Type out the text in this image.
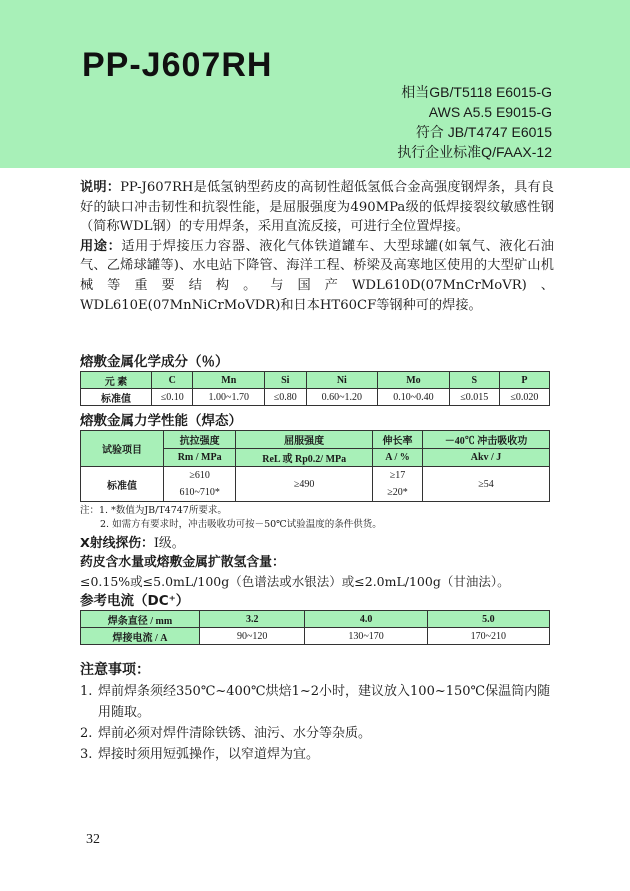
PP-J607RH
相当GB/T5118 E6015-G
AWS A5.5 E9015-G
符合 JB/T4747 E6015
执行企业标准Q/FAAX-12

说明：PP-J607RH是低氢钠型药皮的高韧性超低氢低合金高强度钢焊条，具有良好的缺口冲击韧性和抗裂性能，是屈服强度为490MPa级的低焊接裂纹敏感性钢（简称WDL钢）的专用焊条，采用直流反接，可进行全位置焊接。

用途：适用于焊接压力容器、液化气体铁道罐车、大型球罐(如氧气、液化石油气、乙烯球罐等)、水电站下降管、海洋工程、桥梁及高寒地区使用的大型矿山机械等重要结构。与国产WDL610D(07MnCrMoVR)、WDL610E(07MnNiCrMoVDR)和日本HT60CF等钢种可的焊接。

熔敷金属化学成分（％）

元 素	C	Mn	Si	Ni	Mo	S	P
标准值	≤0.10	1.00~1.70	≤0.80	0.60~1.20	0.10~0.40	≤0.015	≤0.020

熔敷金属力学性能（焊态）

试验项目	抗拉强度	屈服强度	伸长率	－40℃ 冲击吸收功
	Rm / MPa	ReL 或 Rp0.2/ MPa	A / %	Akv / J
标准值	≥610	≥490	≥17	≥54
	610~710*		≥20*	
注：1. *数值为JB/T4747所要求。
2. 如需方有要求时，冲击吸收功可按－50℃试验温度的条件供货。

X射线探伤：Ⅰ级。

药皮含水量或熔敷金属扩散氢含量：

≤0.15%或≤5.0mL/100g（色谱法或水银法）或≤2.0mL/100g（甘油法）。

参考电流（DC⁺）

焊条直径 / mm	3.2	4.0	5.0
焊接电流 / A	90~120	130~170	170~210

注意事项：

1. 焊前焊条须经350℃~400℃烘焙1~2小时，建议放入100~150℃保温筒内随用随取。
2. 焊前必须对焊件清除铁锈、油污、水分等杂质。
3. 焊接时须用短弧操作，以窄道焊为宜。
32
